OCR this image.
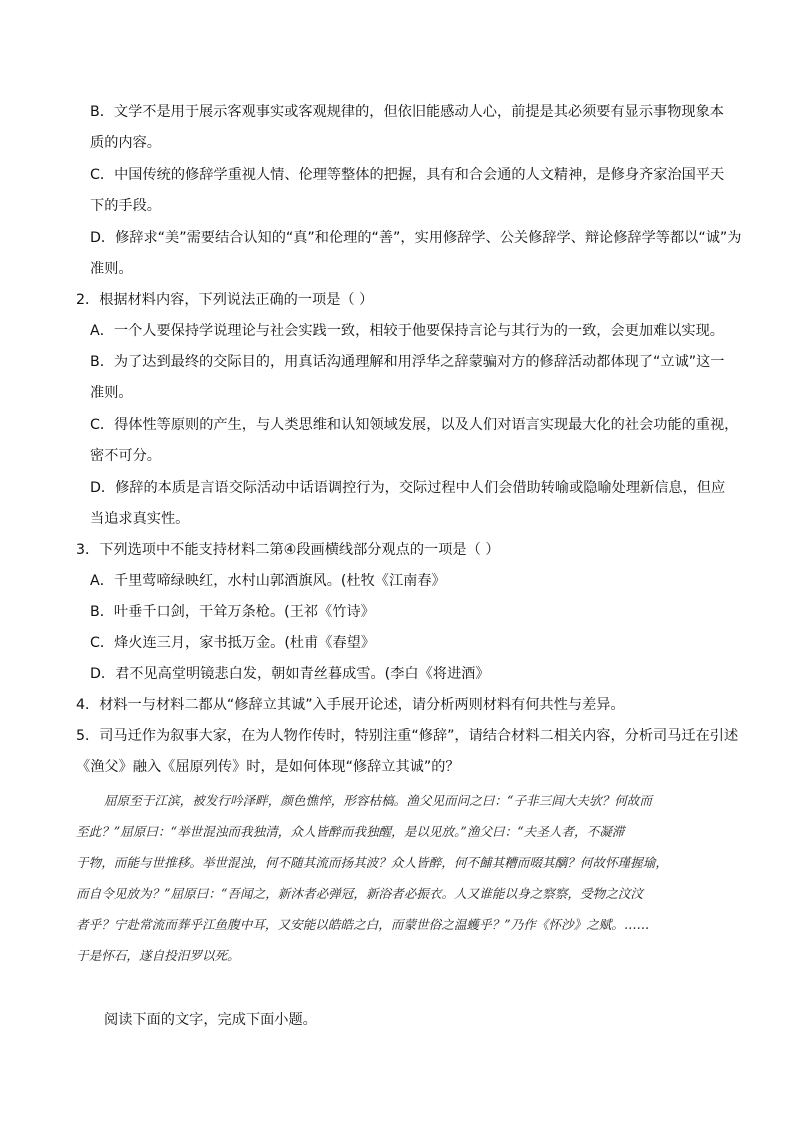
B．文学不是用于展示客观事实或客观规律的，但依旧能感动人心，前提是其必须要有显示事物现象本
质的内容。
C．中国传统的修辞学重视人情、伦理等整体的把握，具有和合会通的人文精神，是修身齐家治国平天
下的手段。
D．修辞求“美”需要结合认知的“真”和伦理的“善”，实用修辞学、公关修辞学、辩论修辞学等都以“诚”为
准则。
2．根据材料内容，下列说法正确的一项是（ ）
A．一个人要保持学说理论与社会实践一致，相较于他要保持言论与其行为的一致，会更加难以实现。
B．为了达到最终的交际目的，用真话沟通理解和用浮华之辞蒙骗对方的修辞活动都体现了“立诚”这一
准则。
C．得体性等原则的产生，与人类思维和认知领域发展，以及人们对语言实现最大化的社会功能的重视，
密不可分。
D．修辞的本质是言语交际活动中话语调控行为，交际过程中人们会借助转喻或隐喻处理新信息，但应
当追求真实性。
3．下列选项中不能支持材料二第④段画横线部分观点的一项是（ ）
A．千里莺啼绿映红，水村山郭酒旗风。(杜牧《江南春》
B．叶垂千口剑，干耸万条枪。(王祁《竹诗》
C．烽火连三月，家书抵万金。(杜甫《春望》
D．君不见高堂明镜悲白发，朝如青丝暮成雪。(李白《将进酒》
4．材料一与材料二都从“修辞立其诚”入手展开论述，请分析两则材料有何共性与差异。
5．司马迁作为叙事大家，在为人物作传时，特别注重“修辞”，请结合材料二相关内容，分析司马迁在引述
《渔父》融入《屈原列传》时，是如何体现“修辞立其诚”的？
屈原至于江滨，被发行吟泽畔，颜色憔悴，形容枯槁。渔父见而问之曰：“子非三闾大夫欤？何故而
至此？”屈原曰：“举世混浊而我独清，众人皆醉而我独醒，是以见放。”渔父曰：“夫圣人者，不凝滞
于物，而能与世推移。举世混浊，何不随其流而扬其波？众人皆醉，何不餔其糟而啜其醨？何故怀瑾握瑜，
而自令见放为？”屈原曰：“吾闻之，新沐者必弹冠，新浴者必振衣。人又谁能以身之察察，受物之汶汶
者乎？宁赴常流而葬乎江鱼腹中耳，又安能以皓皓之白，而蒙世俗之温蠖乎？”乃作《怀沙》之赋。……
于是怀石，遂自投汨罗以死。
阅读下面的文字，完成下面小题。
